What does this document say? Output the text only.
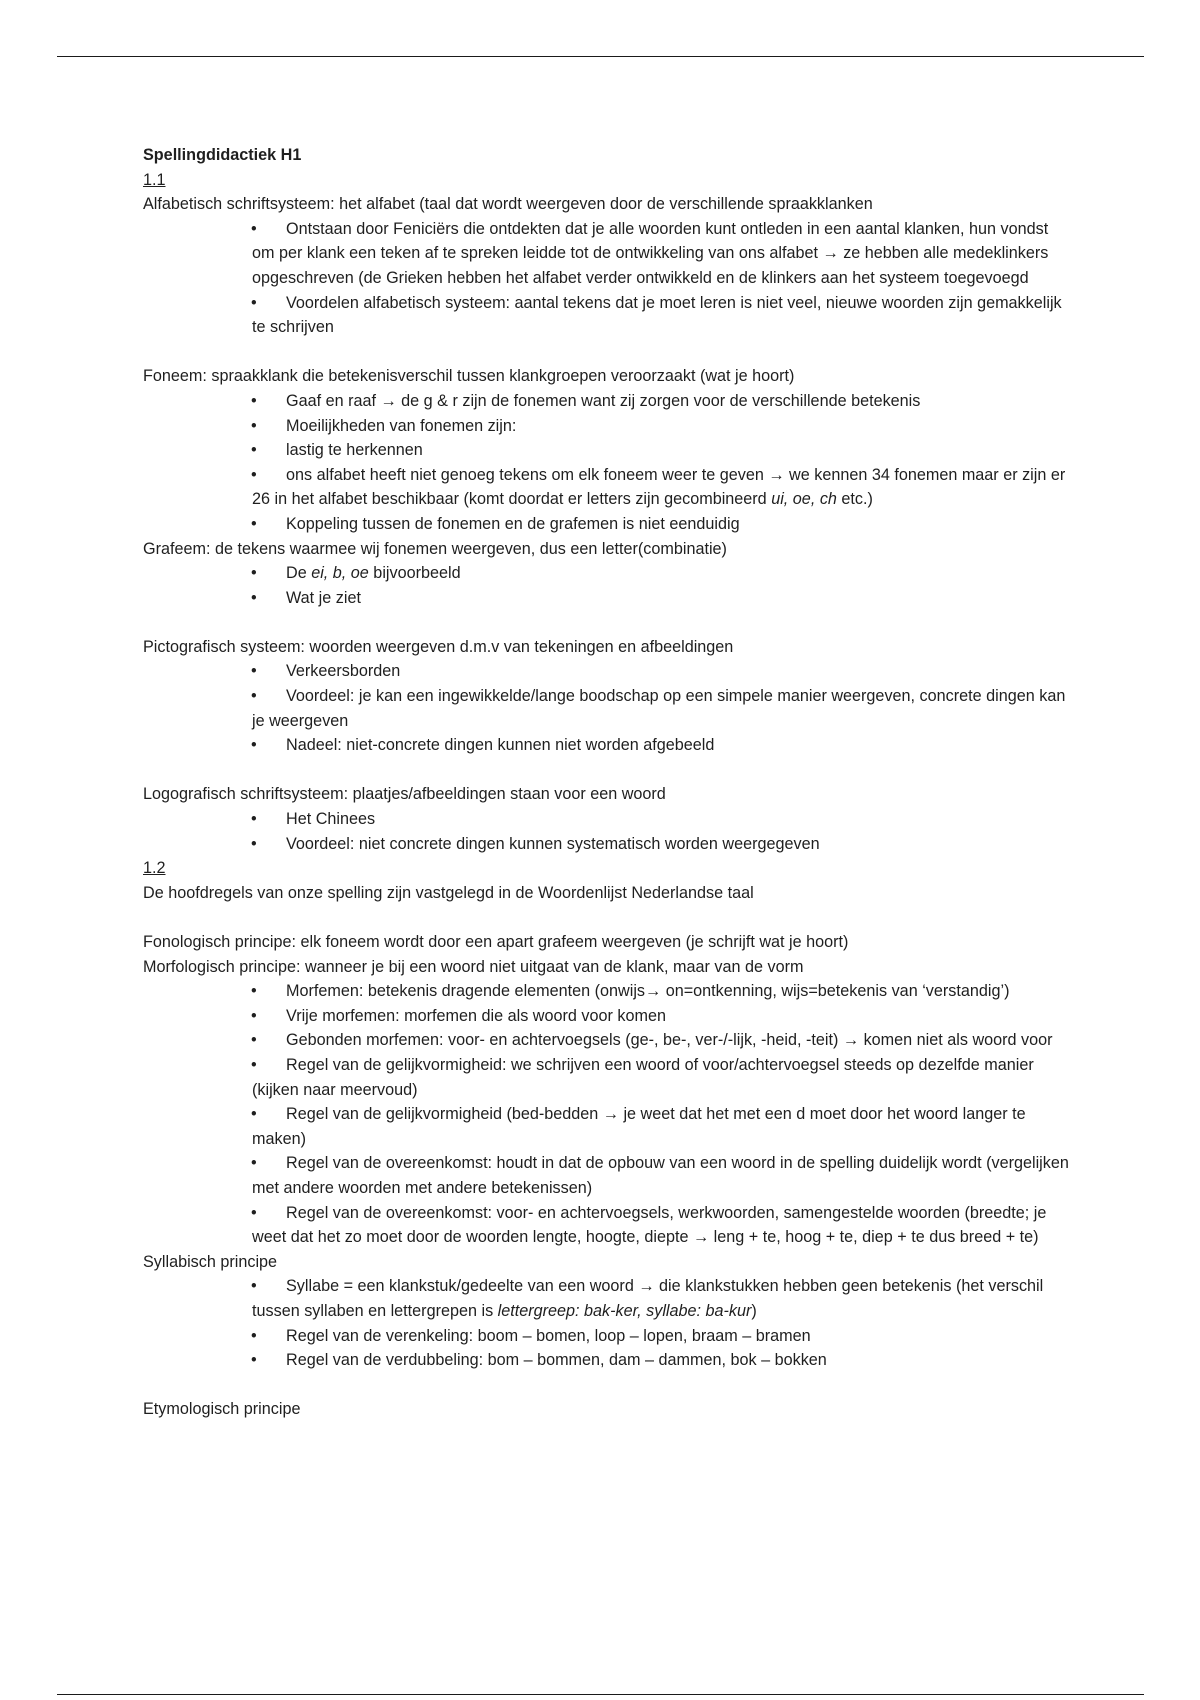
Spellingdidactiek H1
1.1
Alfabetisch schriftsysteem: het alfabet (taal dat wordt weergeven door de verschillende spraakklanken
•	Ontstaan door Feniciërs die ontdekten dat je alle woorden kunt ontleden in een aantal klanken, hun vondst om per klank een teken af te spreken leidde tot de ontwikkeling van ons alfabet → ze hebben alle medeklinkers opgeschreven (de Grieken hebben het alfabet verder ontwikkeld en de klinkers aan het systeem toegevoegd
•	Voordelen alfabetisch systeem: aantal tekens dat je moet leren is niet veel, nieuwe woorden zijn gemakkelijk te schrijven
Foneem: spraakklank die betekenisverschil tussen klankgroepen veroorzaakt (wat je hoort)
•	Gaaf en raaf → de g & r zijn de fonemen want zij zorgen voor de verschillende betekenis
•	Moeilijkheden van fonemen zijn:
•	lastig te herkennen
•	ons alfabet heeft niet genoeg tekens om elk foneem weer te geven → we kennen 34 fonemen maar er zijn er 26 in het alfabet beschikbaar (komt doordat er letters zijn gecombineerd ui, oe, ch etc.)
•	Koppeling tussen de fonemen en de grafemen is niet eenduidig
Grafeem: de tekens waarmee wij fonemen weergeven, dus een letter(combinatie)
•	De ei, b, oe bijvoorbeeld
•	Wat je ziet
Pictografisch systeem: woorden weergeven d.m.v van tekeningen en afbeeldingen
•	Verkeersborden
•	Voordeel: je kan een ingewikkelde/lange boodschap op een simpele manier weergeven, concrete dingen kan je weergeven
•	Nadeel: niet-concrete dingen kunnen niet worden afgebeeld
Logografisch schriftsysteem: plaatjes/afbeeldingen staan voor een woord
•	Het Chinees
•	Voordeel: niet concrete dingen kunnen systematisch worden weergegeven
1.2
De hoofdregels van onze spelling zijn vastgelegd in de Woordenlijst Nederlandse taal
Fonologisch principe: elk foneem wordt door een apart grafeem weergeven (je schrijft wat je hoort)
Morfologisch principe: wanneer je bij een woord niet uitgaat van de klank, maar van de vorm
•	Morfemen: betekenis dragende elementen (onwijs→ on=ontkenning, wijs=betekenis van ‘verstandig’)
•	Vrije morfemen: morfemen die als woord voor komen
•	Gebonden morfemen: voor- en achtervoegsels (ge-, be-, ver-/-lijk, -heid, -teit) → komen niet als woord voor
•	Regel van de gelijkvormigheid: we schrijven een woord of voor/achtervoegsel steeds op dezelfde manier (kijken naar meervoud)
•	Regel van de gelijkvormigheid (bed-bedden → je weet dat het met een d moet door het woord langer te maken)
•	Regel van de overeenkomst: houdt in dat de opbouw van een woord in de spelling duidelijk wordt (vergelijken met andere woorden met andere betekenissen)
•	Regel van de overeenkomst: voor- en achtervoegsels, werkwoorden, samengestelde woorden (breedte; je weet dat het zo moet door de woorden lengte, hoogte, diepte → leng + te, hoog + te, diep + te dus breed + te)
Syllabisch principe
•	Syllabe = een klankstuk/gedeelte van een woord → die klankstukken hebben geen betekenis (het verschil tussen syllaben en lettergrepen is lettergreep: bak-ker, syllabe: ba-kur)
•	Regel van de verenkeling: boom – bomen, loop – lopen, braam – bramen
•	Regel van de verdubbeling: bom – bommen, dam – dammen, bok – bokken
Etymologisch principe
